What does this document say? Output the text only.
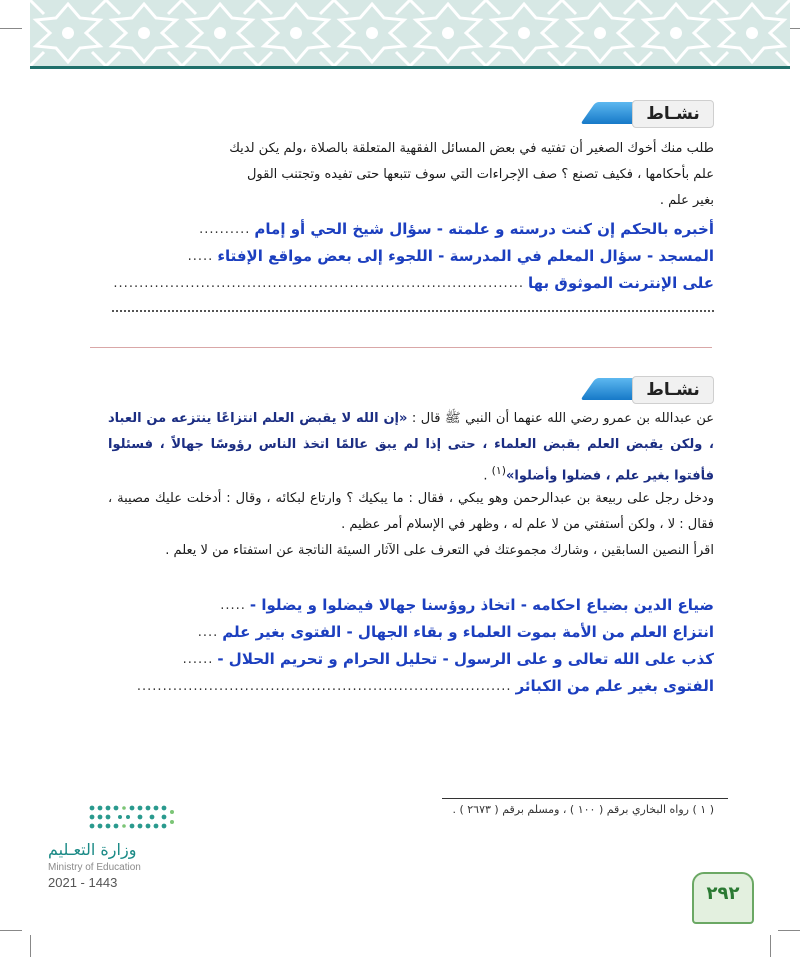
نشـاط
طلب منك أخوك الصغير أن تفتيه في بعض المسائل الفقهية المتعلقة بالصلاة ،ولم يكن لديك
علم بأحكامها ، فكيف تصنع ؟ صف الإجراءات التي سوف تتبعها حتى تفيده وتجتنب القول
بغير علم .
أخبره بالحكم إن كنت درسته و علمته - سؤال شيخ الحي أو إمام
..........
المسجد - سؤال المعلم في المدرسة - اللجوء إلى بعض مواقع الإفتاء
.....
على الإنترنت الموثوق بها
................................................................................
نشـاط
عن عبدالله بن عمرو رضي الله عنهما أن النبي ﷺ قال : «إن الله لا يقبض العلم انتزاعًا ينتزعه من العباد ، ولكن يقبض العلم بقبض العلماء ، حتى إذا لم يبق عالمًا اتخذ الناس رؤوسًا جهالاً ، فسئلوا فأفتوا بغير علم ، فضلوا وأضلوا»$^{(١)}$ .
ودخل رجل على ربيعة بن عبدالرحمن وهو يبكي ، فقال : ما يبكيك ؟ وارتاع لبكائه ، وقال : أدخلت عليك مصيبة ، فقال : لا ، ولكن أستفتي من لا علم له ، وظهر في الإسلام أمر عظيم .
اقرأ النصين السابقين ، وشارك مجموعتك في التعرف على الآثار السيئة الناتجة عن استفتاء من لا يعلم .
ضياع الدين بضياع احكامه - اتخاذ روؤسنا جهالا فيضلوا و يضلوا -
.....
انتزاع العلم من الأمة بموت العلماء و بقاء الجهال - الفتوى بغير علم
....
كذب على الله تعالى و على الرسول - تحليل الحرام و تحريم الحلال -
......
الفتوى بغير علم من الكبائر
.........................................................................

( ١ ) رواه البخاري برقم ( ١٠٠ ) ، ومسلم برقم ( ٢٦٧٣ ) .

وزارة التعـليم
Ministry of Education
2021 - 1443
٢٩٢
